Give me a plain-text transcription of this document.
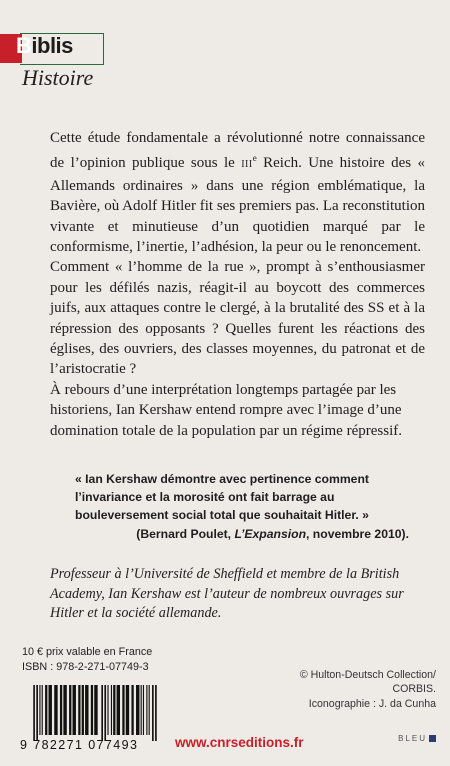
Biblis
Histoire

Cette étude fondamentale a révolutionné notre connaissance de l’opinion publique sous le IIIe Reich. Une histoire des « Allemands ordinaires » dans une région emblématique, la Bavière, où Adolf Hitler fit ses premiers pas. La reconstitution vivante et minutieuse d’un quotidien marqué par le conformisme, l’inertie, l’adhésion, la peur ou le renoncement.

Comment « l’homme de la rue », prompt à s’enthousiasmer pour les défilés nazis, réagit-il au boycott des commerces juifs, aux attaques contre le clergé, à la brutalité des SS et à la répression des opposants ? Quelles furent les réactions des églises, des ouvriers, des classes moyennes, du patronat et de l’aristocratie ?

À rebours d’une interprétation longtemps partagée par les historiens, Ian Kershaw entend rompre avec l’image d’une domination totale de la population par un régime répressif.

« Ian Kershaw démontre avec pertinence comment l’invariance et la morosité ont fait barrage au bouleversement social total que souhaitait Hitler. »

(Bernard Poulet, L’Expansion, novembre 2010).

Professeur à l’Université de Sheffield et membre de la British Academy, Ian Kershaw est l’auteur de nombreux ouvrages sur Hitler et la société allemande.
10 € prix valable en France
ISBN : 978-2-271-07749-3
9 782271 077493	www.cnrseditions.fr
© Hulton-Deutsch Collection/
CORBIS.
Iconographie : J. da Cunha
BLEU
